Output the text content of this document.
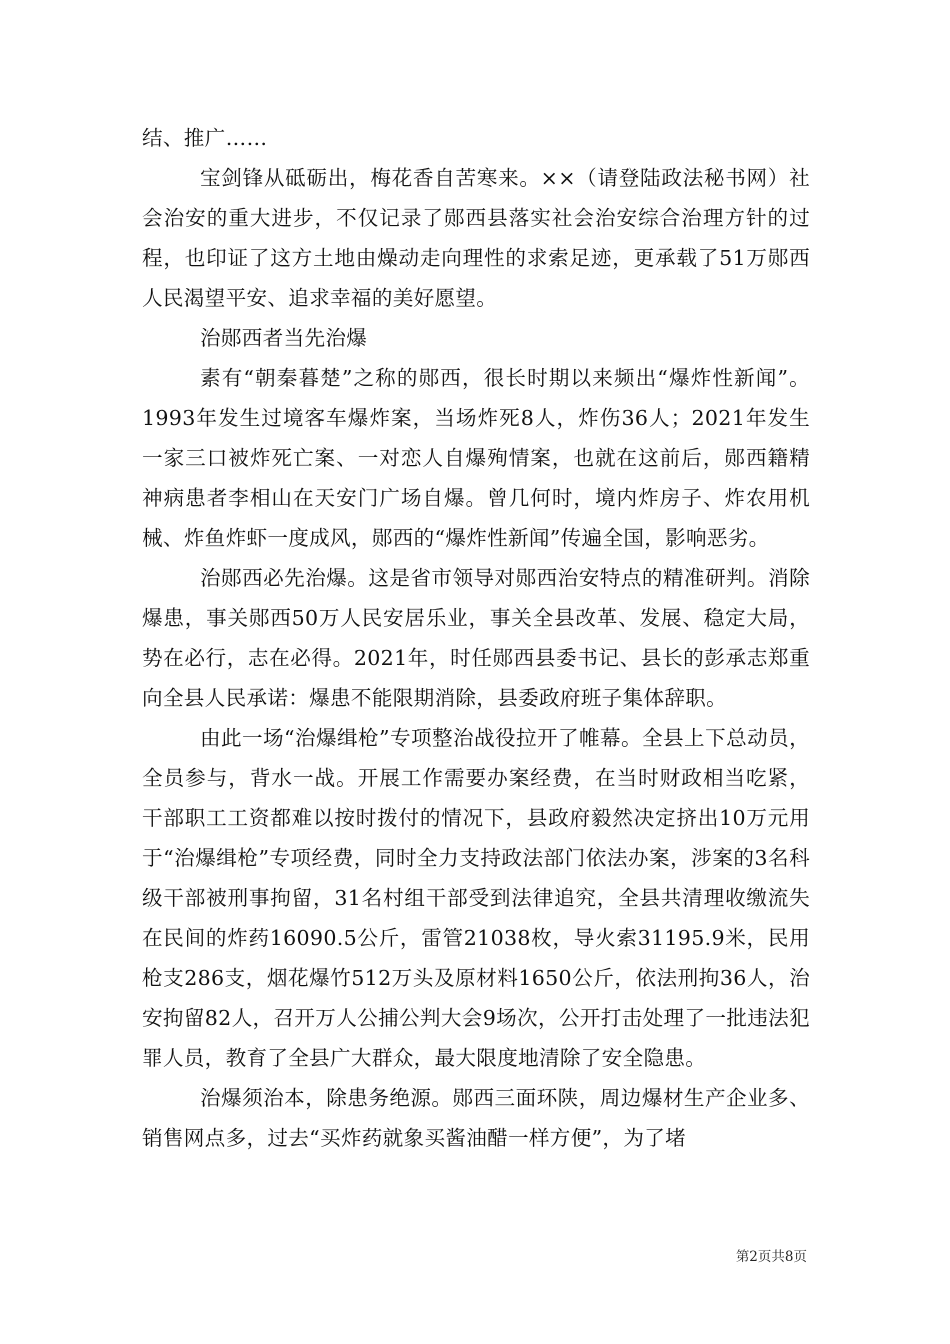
结、推广……

宝剑锋从砥砺出，梅花香自苦寒来。××（请登陆政法秘书网）社会治安的重大进步，不仅记录了郧西县落实社会治安综合治理方针的过程，也印证了这方土地由燥动走向理性的求索足迹，更承载了51万郧西人民渴望平安、追求幸福的美好愿望。

治郧西者当先治爆

素有“朝秦暮楚”之称的郧西，很长时期以来频出“爆炸性新闻”。1993年发生过境客车爆炸案，当场炸死8人，炸伤36人；2021年发生一家三口被炸死亡案、一对恋人自爆殉情案，也就在这前后，郧西籍精神病患者李相山在天安门广场自爆。曾几何时，境内炸房子、炸农用机械、炸鱼炸虾一度成风，郧西的“爆炸性新闻”传遍全国，影响恶劣。

治郧西必先治爆。这是省市领导对郧西治安特点的精准研判。消除爆患，事关郧西50万人民安居乐业，事关全县改革、发展、稳定大局，势在必行，志在必得。2021年，时任郧西县委书记、县长的彭承志郑重向全县人民承诺：爆患不能限期消除，县委政府班子集体辞职。

由此一场“治爆缉枪”专项整治战役拉开了帷幕。全县上下总动员，全员参与，背水一战。开展工作需要办案经费，在当时财政相当吃紧，干部职工工资都难以按时拨付的情况下，县政府毅然决定挤出10万元用于“治爆缉枪”专项经费，同时全力支持政法部门依法办案，涉案的3名科级干部被刑事拘留，31名村组干部受到法律追究，全县共清理收缴流失在民间的炸药16090.5公斤，雷管21038枚，导火索31195.9米，民用枪支286支，烟花爆竹512万头及原材料1650公斤，依法刑拘36人，治安拘留82人，召开万人公捕公判大会9场次，公开打击处理了一批违法犯罪人员，教育了全县广大群众，最大限度地清除了安全隐患。

治爆须治本，除患务绝源。郧西三面环陕，周边爆材生产企业多、销售网点多，过去“买炸药就象买酱油醋一样方便”，为了堵

第2页共8页
